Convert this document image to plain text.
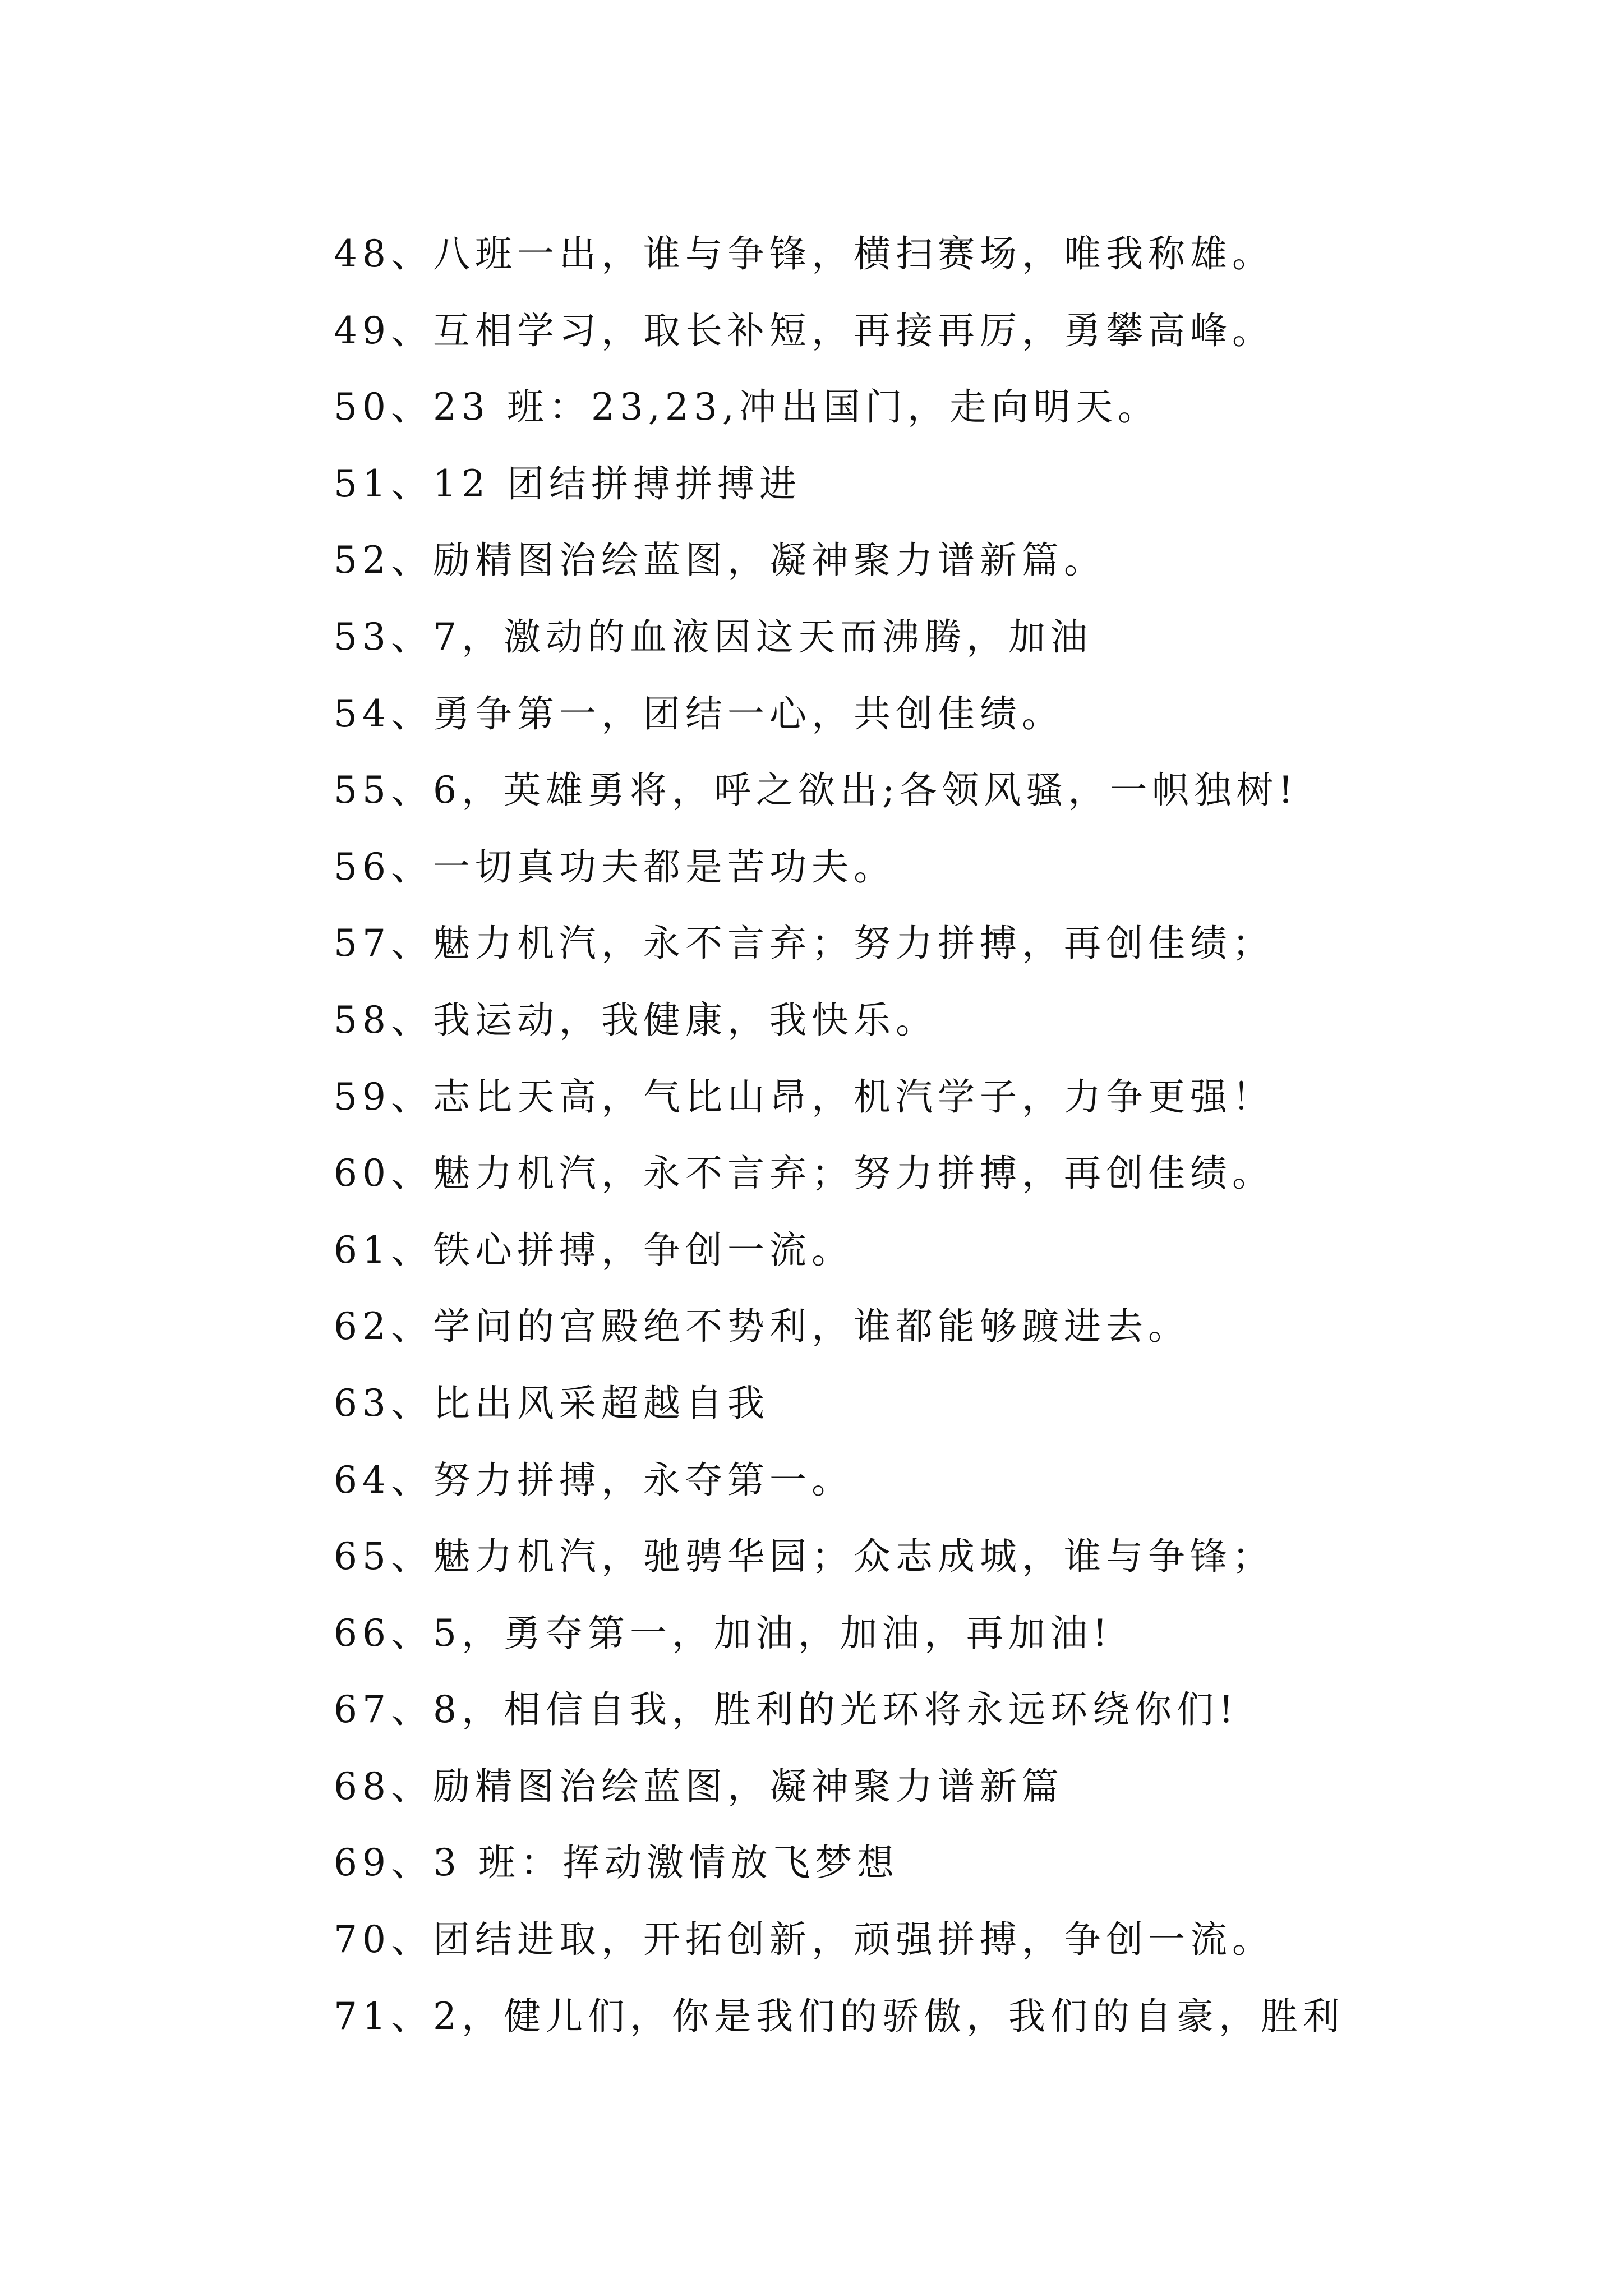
48、八班一出，谁与争锋，横扫赛场，唯我称雄。
49、互相学习，取长补短，再接再厉，勇攀高峰。
50、23 班：23,23,冲出国门，走向明天。
51、12 团结拼搏拼搏进
52、励精图治绘蓝图，凝神聚力谱新篇。
53、7，激动的血液因这天而沸腾，加油
54、勇争第一，团结一心，共创佳绩。
55、6，英雄勇将，呼之欲出;各领风骚，一帜独树!
56、一切真功夫都是苦功夫。
57、魅力机汽，永不言弃；努力拼搏，再创佳绩；
58、我运动，我健康，我快乐。
59、志比天高，气比山昂，机汽学子，力争更强！
60、魅力机汽，永不言弃；努力拼搏，再创佳绩。
61、铁心拼搏，争创一流。
62、学问的宫殿绝不势利，谁都能够踱进去。
63、比出风采超越自我
64、努力拼搏，永夺第一。
65、魅力机汽，驰骋华园；众志成城，谁与争锋；
66、5，勇夺第一，加油，加油，再加油!
67、8，相信自我，胜利的光环将永远环绕你们!
68、励精图治绘蓝图，凝神聚力谱新篇
69、3 班：挥动激情放飞梦想
70、团结进取，开拓创新，顽强拼搏，争创一流。
71、2，健儿们，你是我们的骄傲，我们的自豪，胜利
